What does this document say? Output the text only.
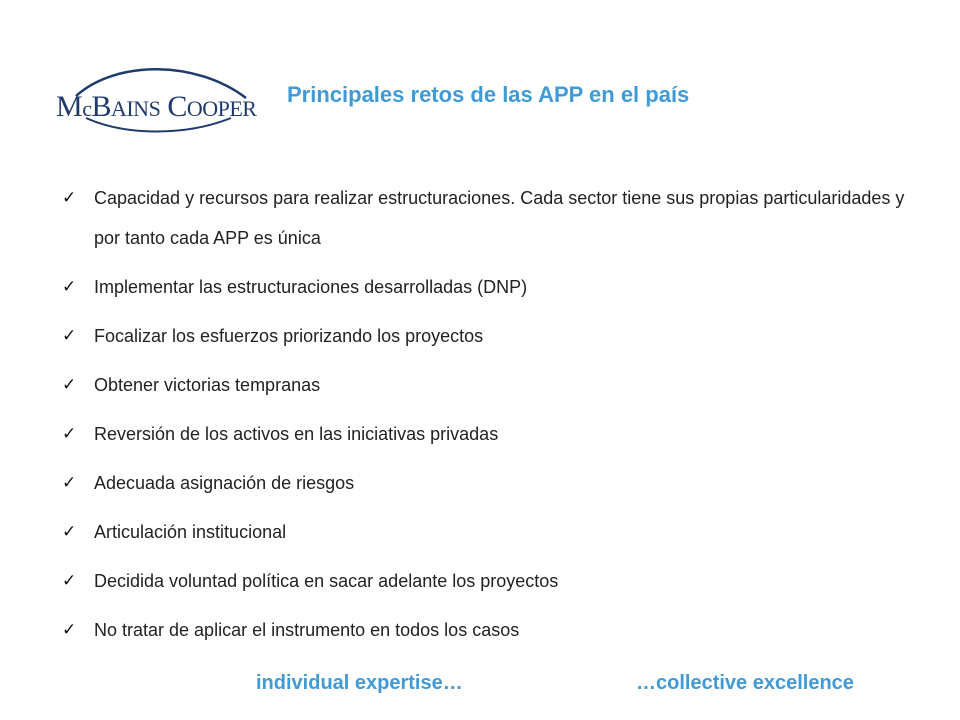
McBAINS COOPER
Principales retos de las APP en el país
✓ Capacidad y recursos para realizar estructuraciones. Cada sector tiene sus propias particularidades y por tanto cada APP es única
✓ Implementar las estructuraciones desarrolladas (DNP)
✓ Focalizar los esfuerzos priorizando los proyectos
✓ Obtener victorias tempranas
✓ Reversión de los activos en las iniciativas privadas
✓ Adecuada asignación de riesgos
✓ Articulación institucional
✓ Decidida voluntad política en sacar adelante los proyectos
✓ No tratar de aplicar el instrumento en todos los casos
individual expertise…	…collective excellence
